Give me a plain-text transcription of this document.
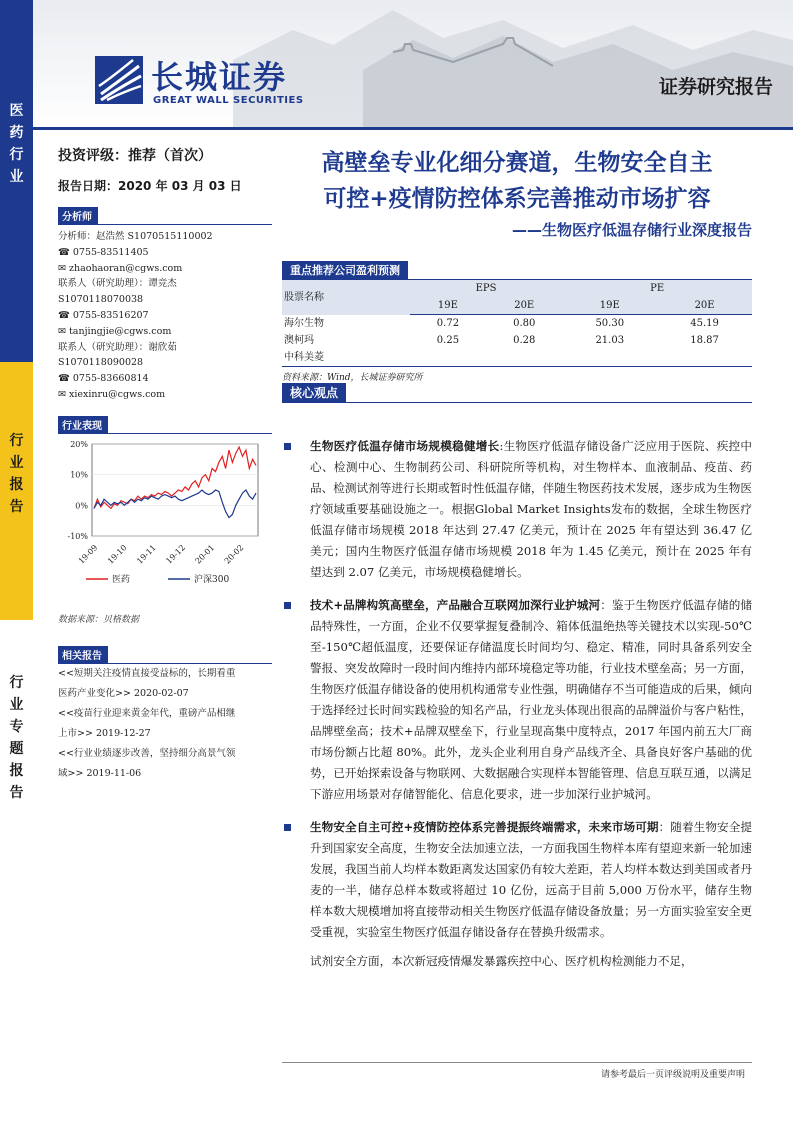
医
药
行
业
行
业
报
告
行
业
专
题
报
告
长城证券
GREAT WALL SECURITIES
证券研究报告
投资评级：推荐（首次）
报告日期：2020 年 03 月 03 日
分析师
分析师：赵浩然 S1070515110002
☎ 0755-83511405
✉ zhaohaoran@cgws.com
联系人（研究助理）：谭竞杰
S1070118070038
☎ 0755-83516207
✉ tanjingjie@cgws.com
联系人（研究助理）：谢欣茹
S1070118090028
☎ 0755-83660814
✉ xiexinru@cgws.com
行业表现
20%
10%
0%
-10%
19-09 19-10 19-11 19-12 20-01 20-02
医药	沪深300
数据来源：贝格数据
相关报告
<<短期关注疫情直接受益标的，长期看重
医药产业变化>> 2020-02-07
<<疫苗行业迎来黄金年代，重磅产品相继
上市>> 2019-12-27
<<行业业绩逐步改善，坚持细分高景气领
域>> 2019-11-06
高壁垒专业化细分赛道，生物安全自主
可控+疫情防控体系完善推动市场扩容
——生物医疗低温存储行业深度报告
重点推荐公司盈利预测
股票名称	EPS		PE	
	19E	20E	19E	20E
海尔生物	0.72	0.80	50.30	45.19
澳柯玛	0.25	0.28	21.03	18.87
中科美菱				
资料来源：Wind，长城证券研究所
核心观点
生物医疗低温存储市场规模稳健增长:生物医疗低温存储设备广泛应用于医院、疾控中心、检测中心、生物制药公司、科研院所等机构，对生物样本、血液制品、疫苗、药品、检测试剂等进行长期或暂时性低温存储，伴随生物医药技术发展，逐步成为生物医疗领域重要基础设施之一。根据Global Market Insights发布的数据，全球生物医疗低温存储市场规模 2018 年达到 27.47 亿美元，预计在 2025 年有望达到 36.47 亿美元；国内生物医疗低温存储市场规模 2018 年为 1.45 亿美元，预计在 2025 年有望达到 2.07 亿美元，市场规模稳健增长。
技术+品牌构筑高壁垒，产品融合互联网加深行业护城河：鉴于生物医疗低温存储的储品特殊性，一方面，企业不仅要掌握复叠制冷、箱体低温绝热等关键技术以实现-50℃至-150℃超低温度，还要保证存储温度长时间均匀、稳定、精准，同时具备系列安全警报、突发故障时一段时间内维持内部环境稳定等功能，行业技术壁垒高；另一方面，生物医疗低温存储设备的使用机构通常专业性强，明确储存不当可能造成的后果，倾向于选择经过长时间实践检验的知名产品，行业龙头体现出很高的品牌溢价与客户粘性，品牌壁垒高；技术+品牌双壁垒下，行业呈现高集中度特点，2017 年国内前五大厂商市场份额占比超 80%。此外，龙头企业利用自身产品线齐全、具备良好客户基础的优势，已开始探索设备与物联网、大数据融合实现样本智能管理、信息互联互通，以满足下游应用场景对存储智能化、信息化要求，进一步加深行业护城河。
生物安全自主可控+疫情防控体系完善提振终端需求，未来市场可期：随着生物安全提升到国家安全高度，生物安全法加速立法，一方面我国生物样本库有望迎来新一轮加速发展，我国当前人均样本数距离发达国家仍有较大差距，若人均样本数达到美国或者丹麦的一半，储存总样本数或将超过 10 亿份，远高于目前 5,000 万份水平，储存生物样本数大规模增加将直接带动相关生物医疗低温存储设备放量；另一方面实验室安全更受重视，实验室生物医疗低温存储设备存在替换升级需求。
试剂安全方面，本次新冠疫情爆发暴露疾控中心、医疗机构检测能力不足，
请参考最后一页评级说明及重要声明
